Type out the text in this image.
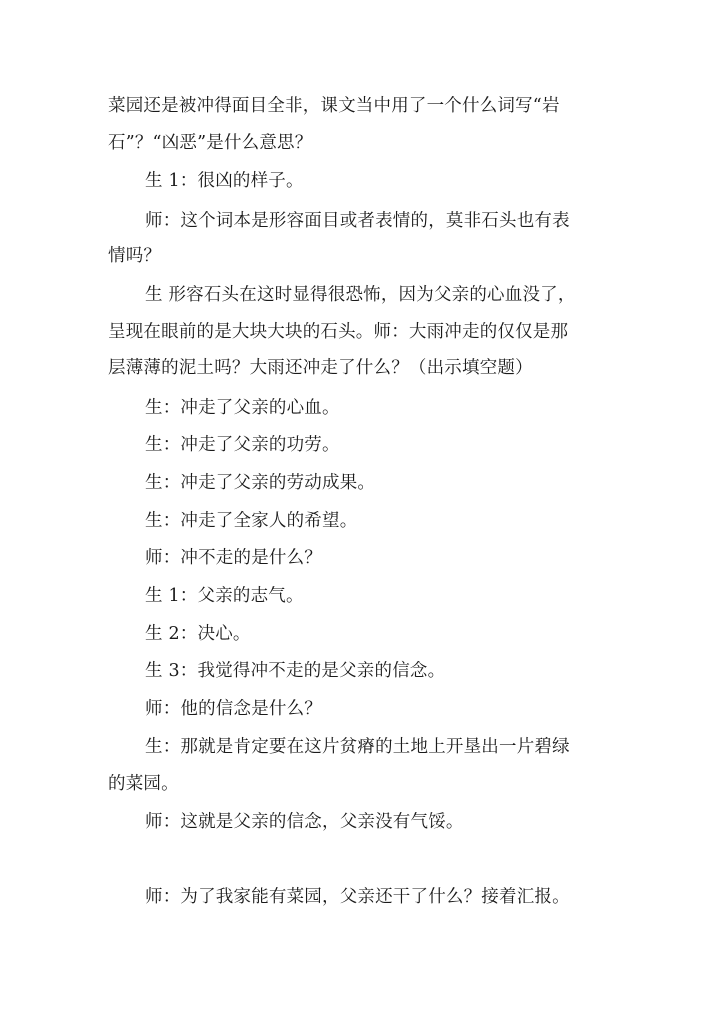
菜园还是被冲得面目全非，课文当中用了一个什么词写“岩
石”？“凶恶”是什么意思？
生 1：很凶的样子。
师：这个词本是形容面目或者表情的，莫非石头也有表
情吗？
生 形容石头在这时显得很恐怖，因为父亲的心血没了，
呈现在眼前的是大块大块的石头。师：大雨冲走的仅仅是那
层薄薄的泥土吗？大雨还冲走了什么？（出示填空题）
生：冲走了父亲的心血。
生：冲走了父亲的功劳。
生：冲走了父亲的劳动成果。
生：冲走了全家人的希望。
师：冲不走的是什么？
生 1：父亲的志气。
生 2：决心。
生 3：我觉得冲不走的是父亲的信念。
师：他的信念是什么？
生：那就是肯定要在这片贫瘠的土地上开垦出一片碧绿
的菜园。
师：这就是父亲的信念，父亲没有气馁。
师：为了我家能有菜园，父亲还干了什么？接着汇报。
